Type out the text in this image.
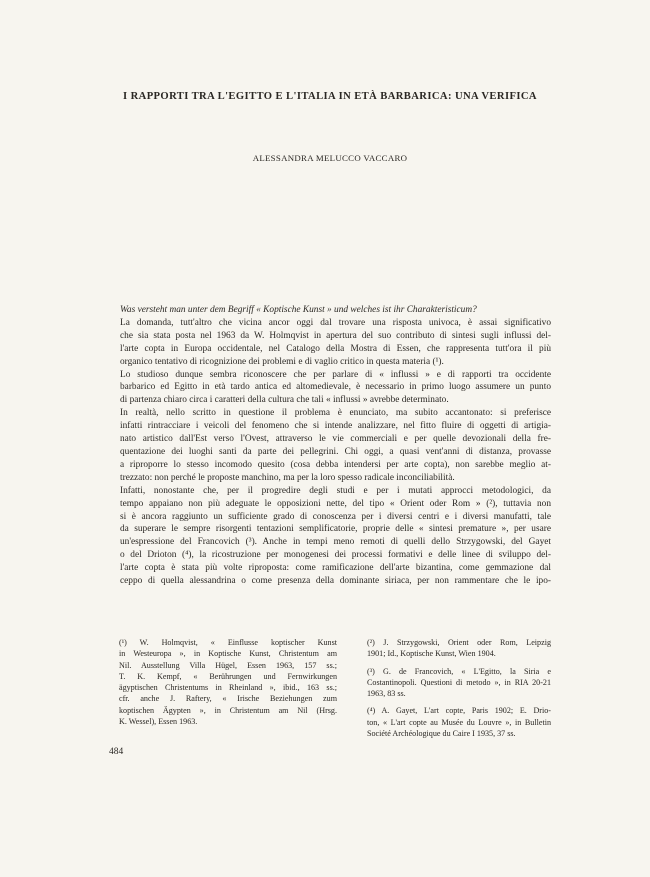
I RAPPORTI TRA L'EGITTO E L'ITALIA IN ETÀ BARBARICA: UNA VERIFICA
ALESSANDRA MELUCCO VACCARO

Was versteht man unter dem Begriff « Koptische Kunst » und welches ist ihr Charakteristicum?

La domanda, tutt'altro che vicina ancor oggi dal trovare una risposta univoca, è assai significativo
che sia stata posta nel 1963 da W. Holmqvist in apertura del suo contributo di sintesi sugli influssi del-
l'arte copta in Europa occidentale, nel Catalogo della Mostra di Essen, che rappresenta tutt'ora il più
organico tentativo di ricognizione dei problemi e di vaglio critico in questa materia (¹).

Lo studioso dunque sembra riconoscere che per parlare di « influssi » e di rapporti tra occidente
barbarico ed Egitto in età tardo antica ed altomedievale, è necessario in primo luogo assumere un punto
di partenza chiaro circa i caratteri della cultura che tali « influssi » avrebbe determinato.

In realtà, nello scritto in questione il problema è enunciato, ma subito accantonato: si preferisce
infatti rintracciare i veicoli del fenomeno che si intende analizzare, nel fitto fluire di oggetti di artigia-
nato artistico dall'Est verso l'Ovest, attraverso le vie commerciali e per quelle devozionali della fre-
quentazione dei luoghi santi da parte dei pellegrini. Chi oggi, a quasi vent'anni di distanza, provasse
a riproporre lo stesso incomodo quesito (cosa debba intendersi per arte copta), non sarebbe meglio at-
trezzato: non perché le proposte manchino, ma per la loro spesso radicale inconciliabilità.

Infatti, nonostante che, per il progredire degli studi e per i mutati approcci metodologici, da
tempo appaiano non più adeguate le opposizioni nette, del tipo « Orient oder Rom » (²), tuttavia non
si è ancora raggiunto un sufficiente grado di conoscenza per i diversi centri e i diversi manufatti, tale
da superare le sempre risorgenti tentazioni semplificatorie, proprie delle « sintesi premature », per usare
un'espressione del Francovich (³). Anche in tempi meno remoti di quelli dello Strzygowski, del Gayet
o del Drioton (⁴), la ricostruzione per monogenesi dei processi formativi e delle linee di sviluppo del-
l'arte copta è stata più volte riproposta: come ramificazione dell'arte bizantina, come gemmazione dal
ceppo di quella alessandrina o come presenza della dominante siriaca, per non rammentare che le ipo-

(¹) W. Holmqvist, « Einflusse koptischer Kunst
in Westeuropa », in Koptische Kunst, Christentum am
Nil. Ausstellung Villa Hügel, Essen 1963, 157 ss.;
T. K. Kempf, « Berührungen und Fernwirkungen
ägyptischen Christentums in Rheinland », ibid., 163 ss.;
cfr. anche J. Raftery, « Irische Beziehungen zum
koptischen Ägypten », in Christentum am Nil (Hrsg.
K. Wessel), Essen 1963.
(²) J. Strzygowski, Orient oder Rom, Leipzig
1901; Id., Koptische Kunst, Wien 1904.
(³) G. de Francovich, « L'Egitto, la Siria e
Costantinopoli. Questioni di metodo », in RIA 20-21
1963, 83 ss.
(⁴) A. Gayet, L'art copte, Paris 1902; E. Drio-
ton, « L'art copte au Musée du Louvre », in Bulletin
Société Archéologique du Caire I 1935, 37 ss.
484
